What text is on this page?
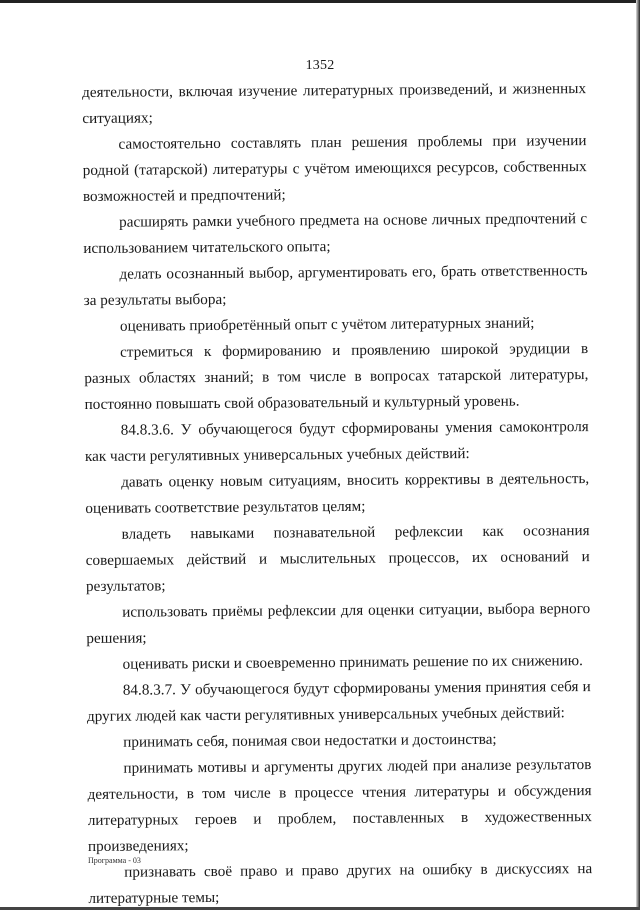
1352

деятельности, включая изучение литературных произведений, и жизненных ситуациях;

самостоятельно составлять план решения проблемы при изучении родной (татарской) литературы с учётом имеющихся ресурсов, собственных возможностей и предпочтений;

расширять рамки учебного предмета на основе личных предпочтений с использованием читательского опыта;

делать осознанный выбор, аргументировать его, брать ответственность за результаты выбора;

оценивать приобретённый опыт с учётом литературных знаний;

стремиться к формированию и проявлению широкой эрудиции в разных областях знаний; в том числе в вопросах татарской литературы, постоянно повышать свой образовательный и культурный уровень.

84.8.3.6. У обучающегося будут сформированы умения самоконтроля как части регулятивных универсальных учебных действий:

давать оценку новым ситуациям, вносить коррективы в деятельность, оценивать соответствие результатов целям;

владеть навыками познавательной рефлексии как осознания совершаемых действий и мыслительных процессов, их оснований и результатов;

использовать приёмы рефлексии для оценки ситуации, выбора верного решения;

оценивать риски и своевременно принимать решение по их снижению.

84.8.3.7. У обучающегося будут сформированы умения принятия себя и других людей как части регулятивных универсальных учебных действий:

принимать себя, понимая свои недостатки и достоинства;

принимать мотивы и аргументы других людей при анализе результатов деятельности, в том числе в процессе чтения литературы и обсуждения литературных героев и проблем, поставленных в художественных произведениях;

признавать своё право и право других на ошибку в дискуссиях на литературные темы;

Программа - 03
